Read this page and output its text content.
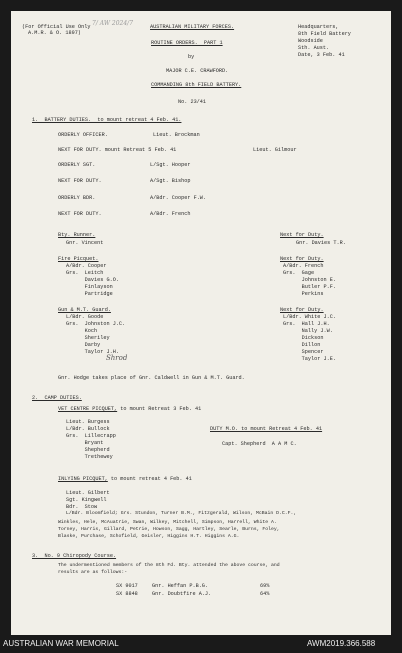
(For Official Use Only
A.M.R. & O. 1897)
7/ AW 2024/7	AUSTRALIAN MILITARY FORCES.
ROUTINE ORDERS.  PART 1
by
MAJOR C.E. CRAWFORD.
COMMANDING 8th FIELD BATTERY.
Headquarters,
8th Field Battery
Woodside
Sth. Aust.
Date, 3 Feb. 41
No. 23/41
1.  BATTERY DUTIES.  to mount retreat 4 Feb. 41.
ORDERLY OFFICER.	Lieut. Brockman
NEXT FOR DUTY. mount Retreat 5 Feb. 41	Lieut. Gilmour
ORDERLY SGT.	L/Sgt. Hooper
NEXT FOR DUTY.	A/Sgt. Bishop
ORDERLY BDR.	A/Bdr. Cooper F.W.
NEXT FOR DUTY.	A/Bdr. French
Bty. Runner.
Gnr. Vincent
Fire Picquet.
A/Bdr. Cooper
Grs.  Leitch
Davies G.O.
Finlayson
Partridge
Gun & M.T. Guard.
L/Bdr. Goode
Grs.  Johnston J.C.
Koch
Sheriley
Darby
Taylor J.H.
Shrod
Next for Duty.
Gnr. Davies T.R.
Next for Duty.
A/Bdr. French
Grs.  Gage
Johnston E.
Butler P.F.
Perkins
Next for Duty.
L/Bdr. White J.C.
Grs.  Hall J.H.
Nally J.W.
Dickson
Dillon
Spencer
Taylor J.E.
Gnr. Hodge takes place of Gnr. Caldwell in Gun & M.T. Guard.
2.  CAMP DUTIES.
VET CENTRE PICQUET, to mount Retreat 3 Feb. 41
Lieut. Burgess
L/Bdr. Bullock
Grs.  Lillecrapp
Bryant
Shepherd
Trethewey
DUTY M.O. to mount Retreat 4 Feb. 41
Capt. Shepherd  A A M C.
INLYING PICQUET, to mount retreat 4 Feb. 41
Lieut. Gilbert
Sgt. Kingwell
Bdr.  Stow
L/Bdr. Bloomfield; Grs. Stundon, Turner B.M., Fitzgerald, Wilson, McBain D.C.F.,
Winkles, Hele, McAuatrie, Swan, Wilkey, Mitchell, Simpson, Harrell, White A.
Torney, Harris, Gillard, Petrie, Howson, Sagg, Hartley, Searle, Burns, Foley,
Blaske, Purchase, Schofield, Geisler, Higgins H.T. Higgins A.G.
3.  No. 9 Chiropody Course.
The undermentioned members of the 8th Fd. Bty. attended the above course, and
results are as follows:-
SX 9017	Gnr. Heffan P.B.G.	69%
SX 8848	Gnr. Doubtfire A.J.	64%
AUSTRALIAN WAR MEMORIAL	AWM2019.366.588
